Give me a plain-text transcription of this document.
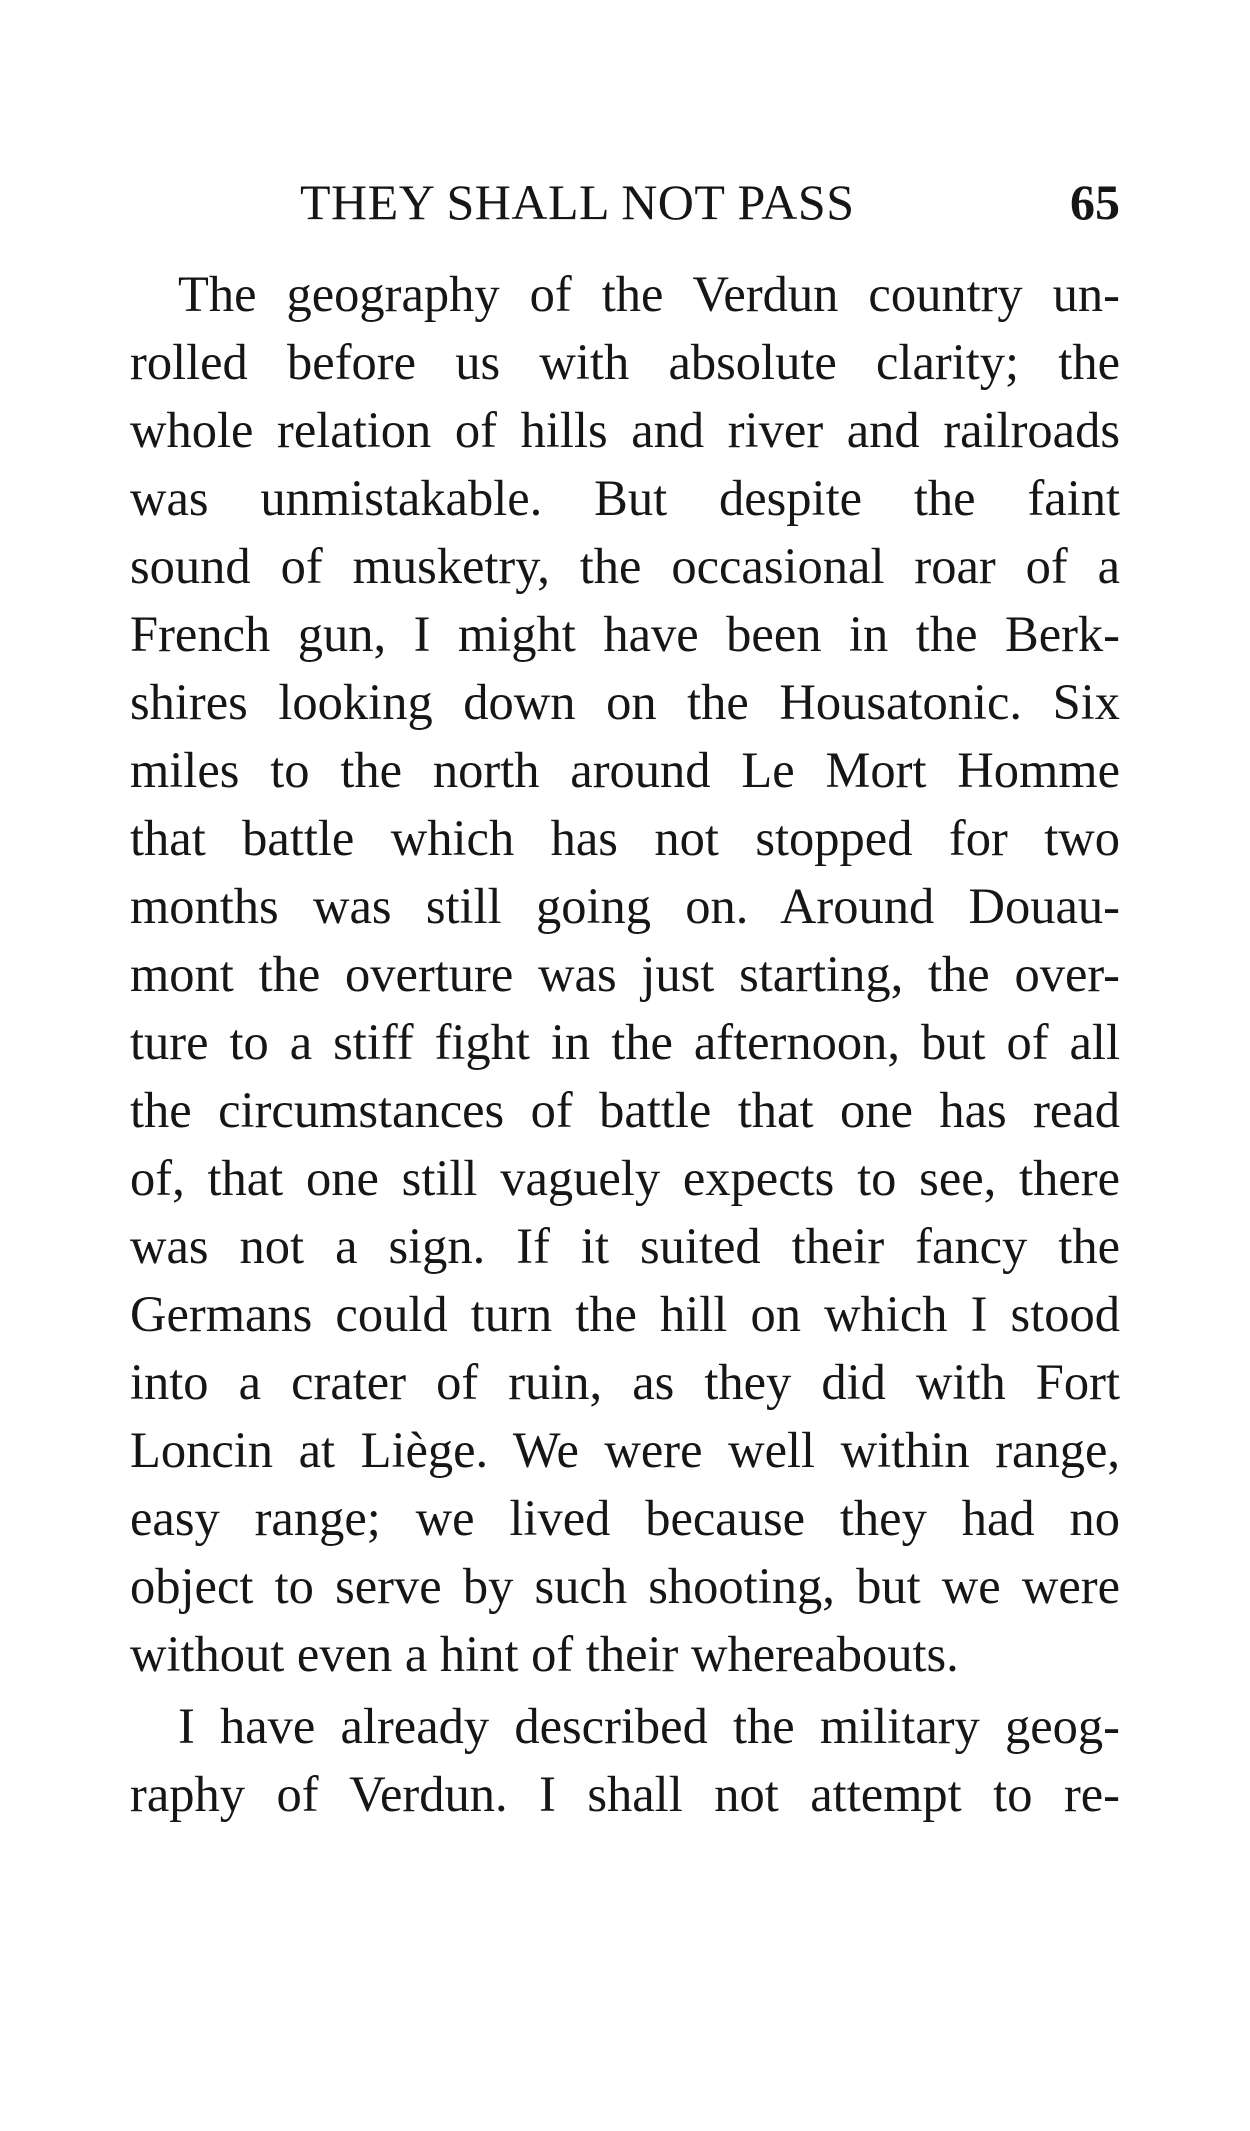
THEY SHALL NOT PASS	65

The geography of the Verdun country un-
rolled before us with absolute clarity; the
whole relation of hills and river and railroads
was unmistakable. But despite the faint
sound of musketry, the occasional roar of a
French gun, I might have been in the Berk-
shires looking down on the Housatonic. Six
miles to the north around Le Mort Homme
that battle which has not stopped for two
months was still going on. Around Douau-
mont the overture was just starting, the over-
ture to a stiff fight in the afternoon, but of all
the circumstances of battle that one has read
of, that one still vaguely expects to see, there
was not a sign. If it suited their fancy the
Germans could turn the hill on which I stood
into a crater of ruin, as they did with Fort
Loncin at Liège. We were well within range,
easy range; we lived because they had no
object to serve by such shooting, but we were
without even a hint of their whereabouts.

I have already described the military geog-
raphy of Verdun. I shall not attempt to re-
